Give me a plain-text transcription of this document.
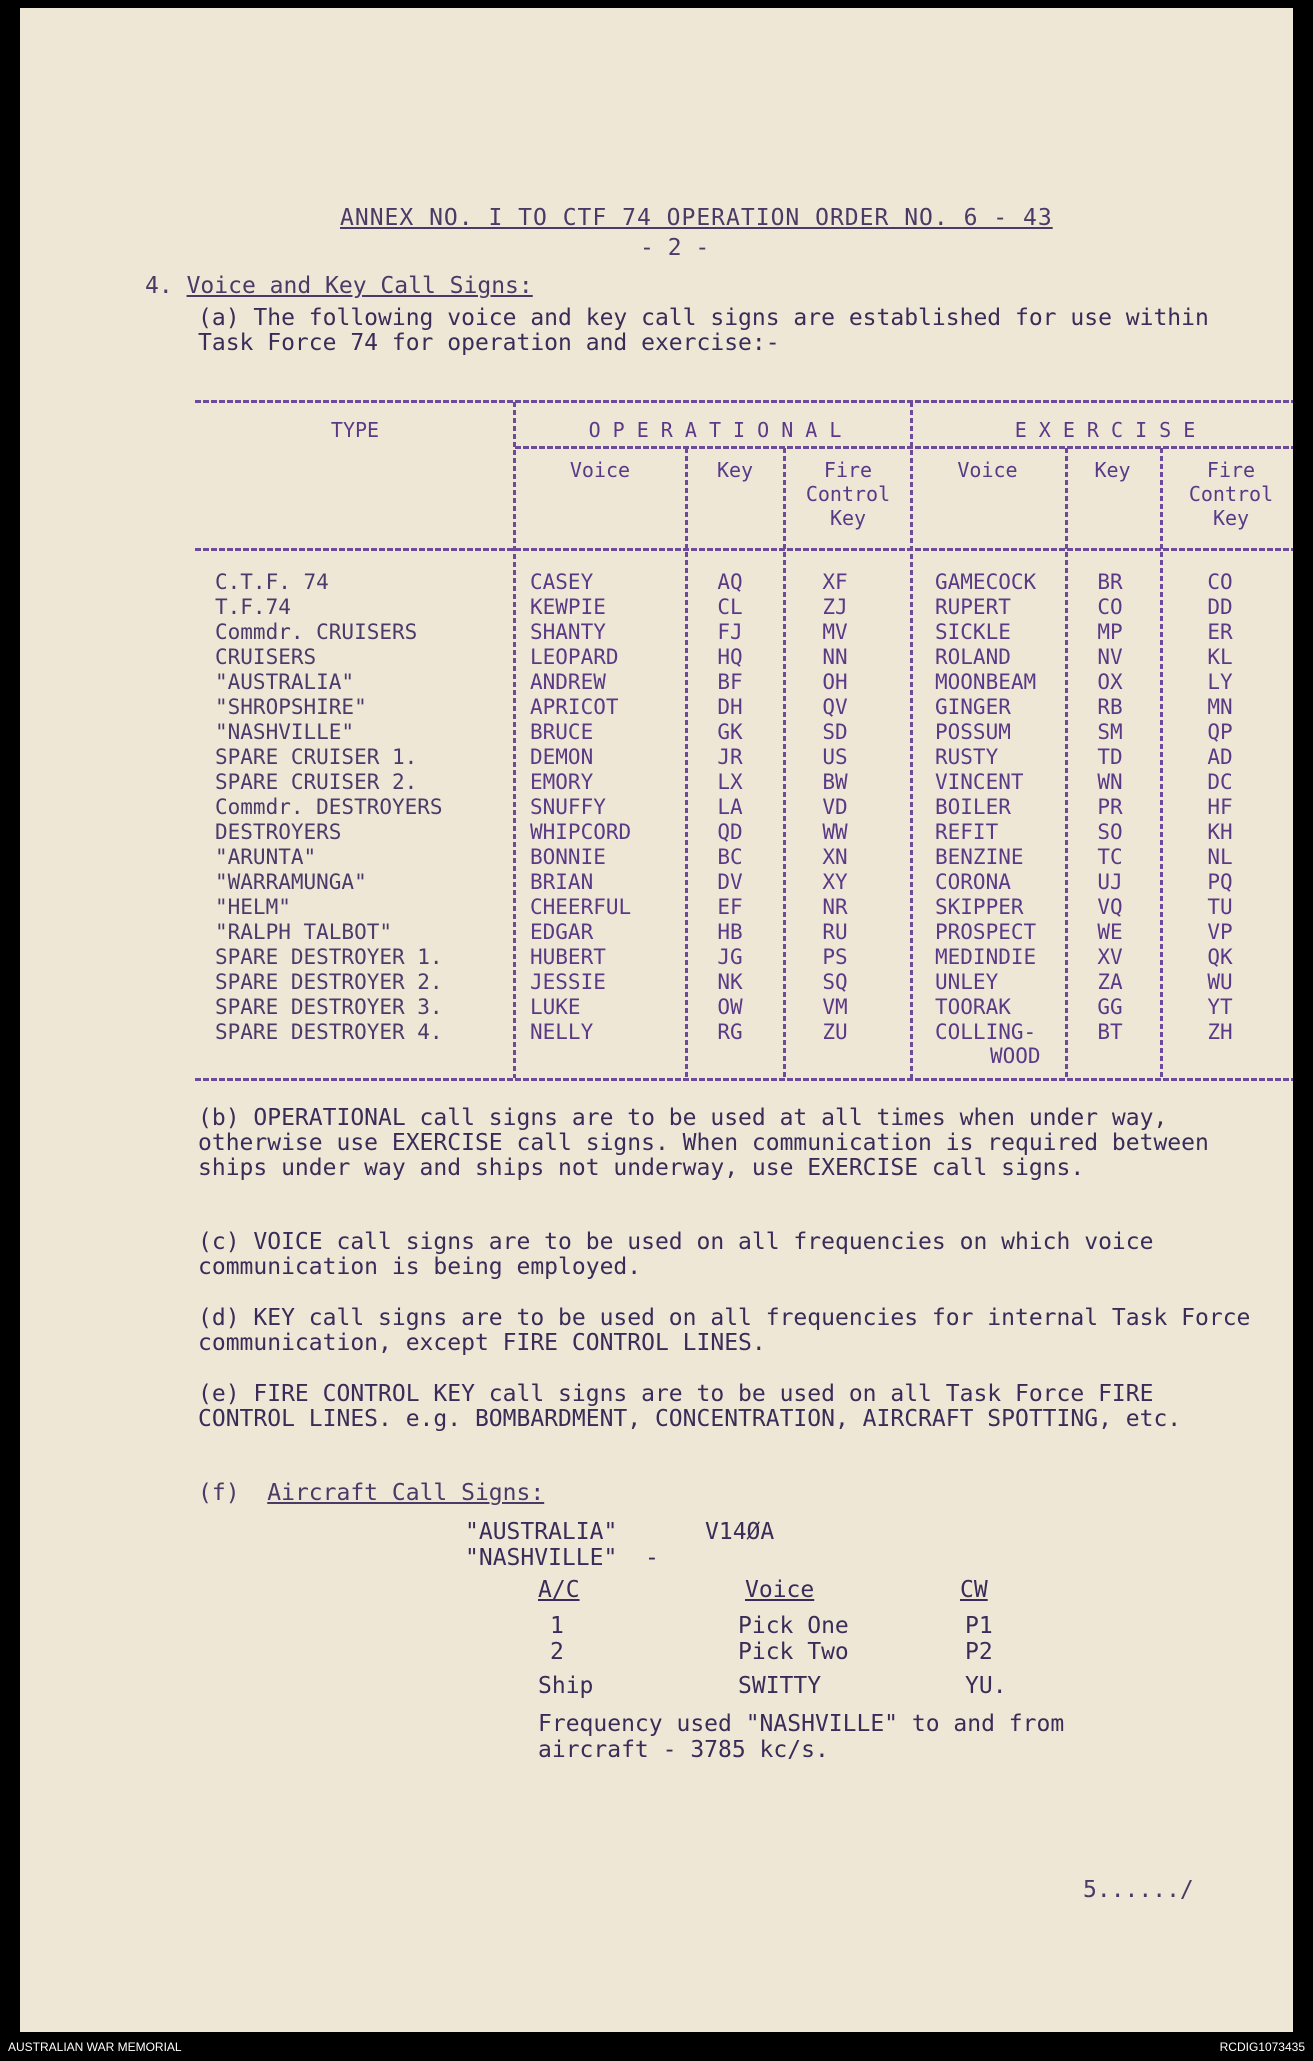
ANNEX NO. I TO CTF 74 OPERATION ORDER NO. 6 - 43
- 2 -
4. Voice and Key Call Signs:
(a) The following voice and key call signs are established for use within Task Force 74 for operation and exercise:-
TYPE	O P E R A T I O N A L	E X E R C I S E
Voice	Key	Fire Control Key
Voice	Key	Fire Control Key
C.T.F. 74	CASEY	AQ	XF	GAMECOCK	BR	CO
T.F.74	KEWPIE	CL	ZJ	RUPERT	CO	DD
Commdr. CRUISERS	SHANTY	FJ	MV	SICKLE	MP	ER
CRUISERS	LEOPARD	HQ	NN	ROLAND	NV	KL
"AUSTRALIA"	ANDREW	BF	OH	MOONBEAM	OX	LY
"SHROPSHIRE"	APRICOT	DH	QV	GINGER	RB	MN
"NASHVILLE"	BRUCE	GK	SD	POSSUM	SM	QP
SPARE CRUISER 1.	DEMON	JR	US	RUSTY	TD	AD
SPARE CRUISER 2.	EMORY	LX	BW	VINCENT	WN	DC
Commdr. DESTROYERS	SNUFFY	LA	VD	BOILER	PR	HF
DESTROYERS	WHIPCORD	QD	WW	REFIT	SO	KH
"ARUNTA"	BONNIE	BC	XN	BENZINE	TC	NL
"WARRAMUNGA"	BRIAN	DV	XY	CORONA	UJ	PQ
"HELM"	CHEERFUL	EF	NR	SKIPPER	VQ	TU
"RALPH TALBOT"	EDGAR	HB	RU	PROSPECT	WE	VP
SPARE DESTROYER 1.	HUBERT	JG	PS	MEDINDIE	XV	QK
SPARE DESTROYER 2.	JESSIE	NK	SQ	UNLEY	ZA	WU
SPARE DESTROYER 3.	LUKE	OW	VM	TOORAK	GG	YT
SPARE DESTROYER 4.	NELLY	RG	ZU	COLLING-	BT	ZH
WOOD
(b) OPERATIONAL call signs are to be used at all times when under way, otherwise use EXERCISE call signs. When communication is required between ships under way and ships not underway, use EXERCISE call signs.
(c) VOICE call signs are to be used on all frequencies on which voice communication is being employed.
(d) KEY call signs are to be used on all frequencies for internal Task Force communication, except FIRE CONTROL LINES.
(e) FIRE CONTROL KEY call signs are to be used on all Task Force FIRE CONTROL LINES. e.g. BOMBARDMENT, CONCENTRATION, AIRCRAFT SPOTTING, etc.
(f) Aircraft Call Signs:
"AUSTRALIA"	V14ØA
"NASHVILLE"  -
A/C	Voice	CW
1	Pick One	P1
2	Pick Two	P2
Ship	SWITTY	YU.
Frequency used "NASHVILLE" to and from
aircraft - 3785 kc/s.
5....../
AUSTRALIAN WAR MEMORIAL	RCDIG1073435
